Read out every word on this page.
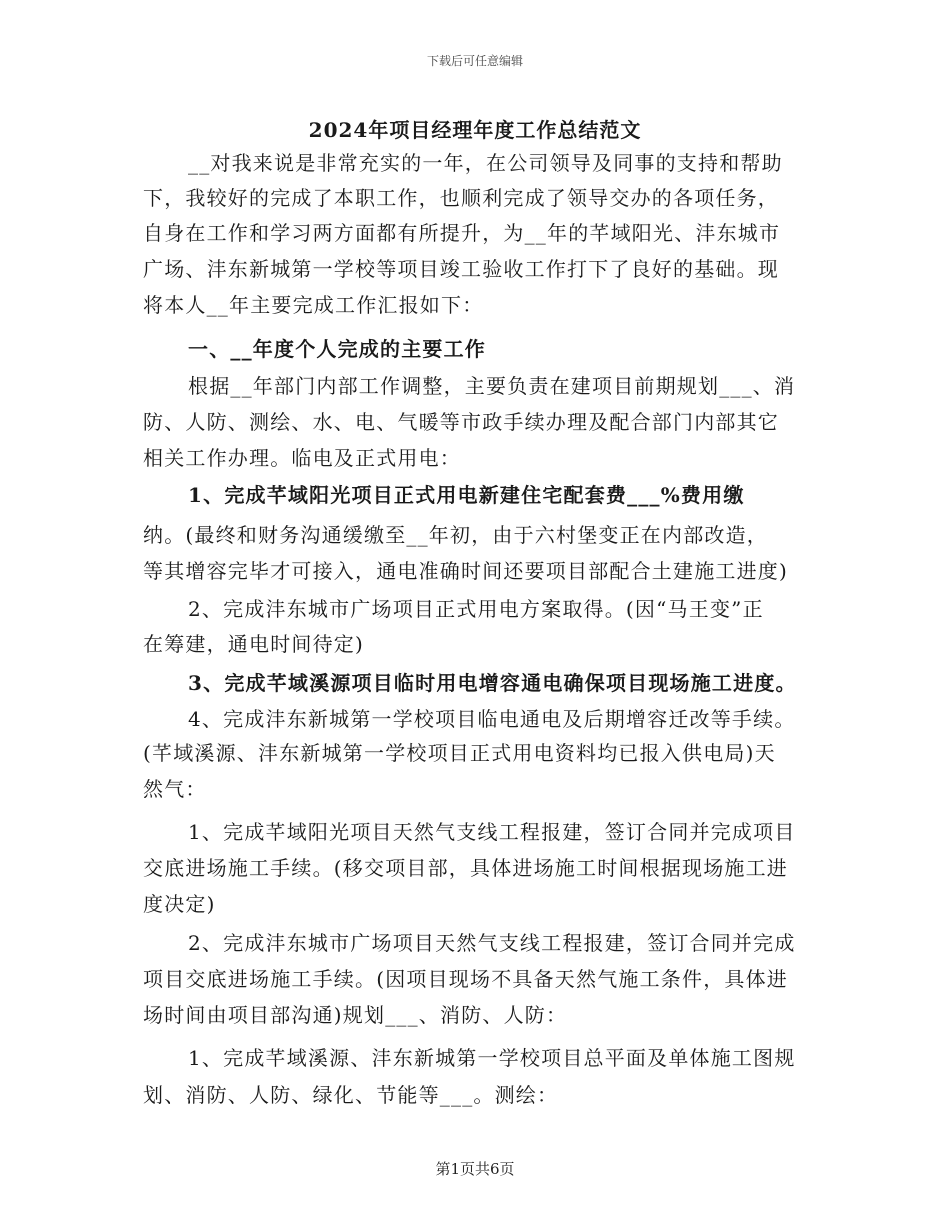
下载后可任意编辑
2024年项目经理年度工作总结范文
__对我来说是非常充实的一年，在公司领导及同事的支持和帮助
下，我较好的完成了本职工作，也顺利完成了领导交办的各项任务，
自身在工作和学习两方面都有所提升，为__年的芊域阳光、沣东城市
广场、沣东新城第一学校等项目竣工验收工作打下了良好的基础。现
将本人__年主要完成工作汇报如下：
一、__年度个人完成的主要工作
根据__年部门内部工作调整，主要负责在建项目前期规划___、消
防、人防、测绘、水、电、气暖等市政手续办理及配合部门内部其它
相关工作办理。临电及正式用电：
1、完成芊域阳光项目正式用电新建住宅配套费___%费用缴
纳。(最终和财务沟通缓缴至__年初，由于六村堡变正在内部改造，
等其增容完毕才可接入，通电准确时间还要项目部配合土建施工进度)
2、完成沣东城市广场项目正式用电方案取得。(因“马王变”正
在筹建，通电时间待定)
3、完成芊域溪源项目临时用电增容通电确保项目现场施工进度。
4、完成沣东新城第一学校项目临电通电及后期增容迁改等手续。
(芊域溪源、沣东新城第一学校项目正式用电资料均已报入供电局)天
然气：
1、完成芊域阳光项目天然气支线工程报建，签订合同并完成项目
交底进场施工手续。(移交项目部，具体进场施工时间根据现场施工进
度决定)
2、完成沣东城市广场项目天然气支线工程报建，签订合同并完成
项目交底进场施工手续。(因项目现场不具备天然气施工条件，具体进
场时间由项目部沟通)规划___、消防、人防：
1、完成芊域溪源、沣东新城第一学校项目总平面及单体施工图规
划、消防、人防、绿化、节能等___。测绘：
第1页共6页
